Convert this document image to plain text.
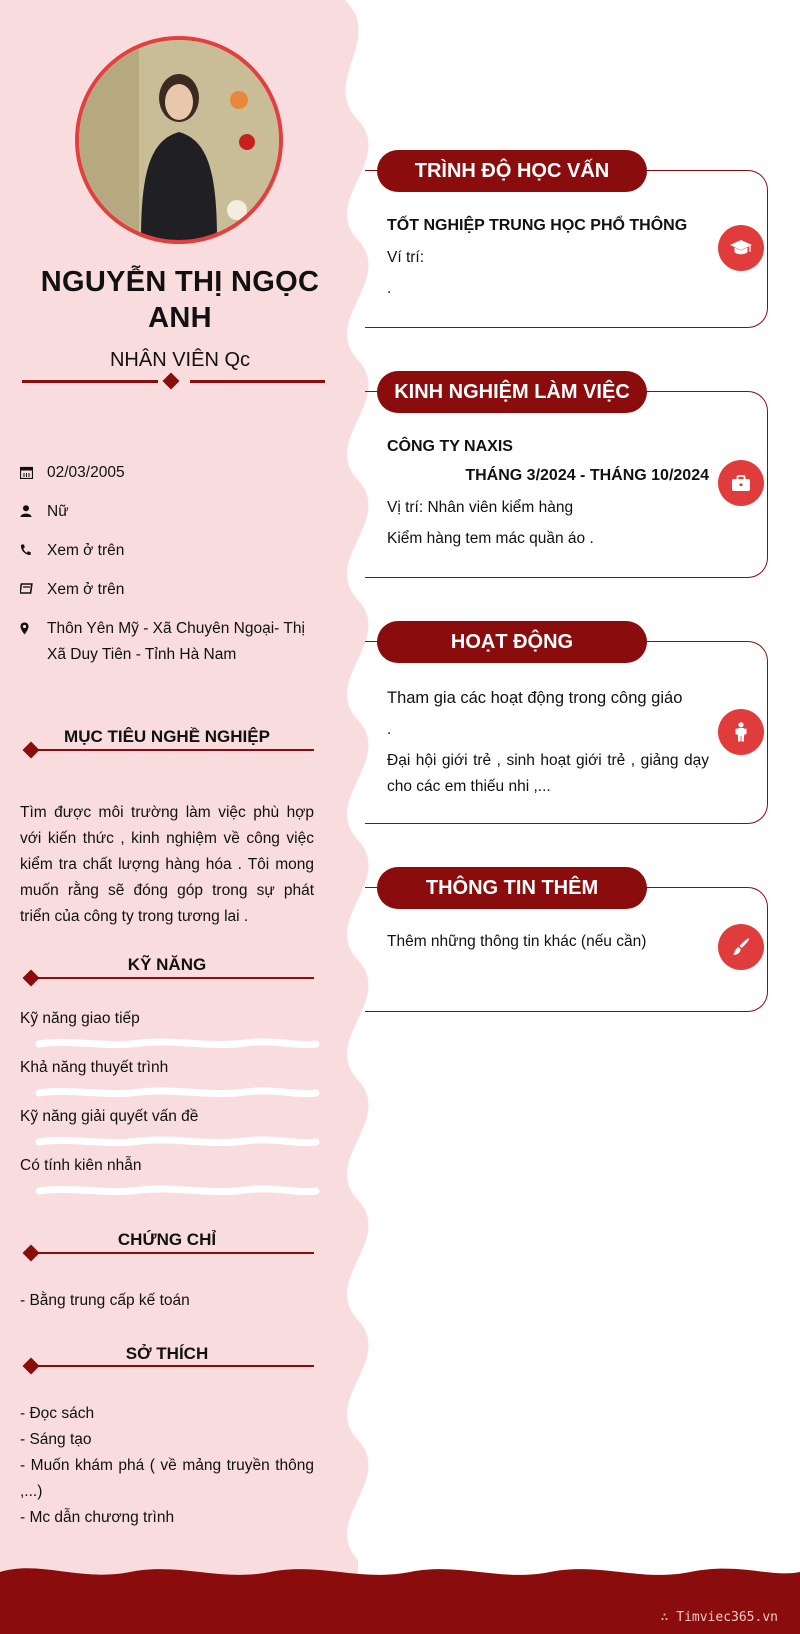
NGUYỄN THỊ NGỌC ANH
NHÂN VIÊN Qc
02/03/2005
Nữ
Xem ở trên
Xem ở trên
Thôn Yên Mỹ - Xã Chuyên Ngoại- Thị Xã Duy Tiên - Tỉnh Hà Nam
MỤC TIÊU NGHỀ NGHIỆP
Tìm được môi trường làm việc phù hợp với kiến thức , kinh nghiệm về công việc kiểm tra chất lượng hàng hóa . Tôi mong muốn rằng sẽ đóng góp trong sự phát triển của công ty trong tương lai .
KỸ NĂNG
Kỹ năng giao tiếp
Khả năng thuyết trình
Kỹ năng giải quyết vấn đề
Có tính kiên nhẫn
CHỨNG CHỈ
- Bằng trung cấp kế toán
SỞ THÍCH
- Đọc sách
- Sáng tạo
- Muốn khám phá ( về mảng truyền thông ,...)
- Mc dẫn chương trình
TRÌNH ĐỘ HỌC VẤN
TỐT NGHIỆP TRUNG HỌC PHỔ THÔNG
Ví trí:
.
KINH NGHIỆM LÀM VIỆC
CÔNG TY NAXIS
THÁNG 3/2024 - THÁNG 10/2024
Vị trí: Nhân viên kiểm hàng
Kiểm hàng tem mác quần áo .
HOẠT ĐỘNG
Tham gia các hoạt động trong công giáo
.
Đại hội giới trẻ , sinh hoạt giới trẻ , giảng dạy cho các em thiếu nhi ,...
THÔNG TIN THÊM
Thêm những thông tin khác (nếu cần)
∴ Timviec365.vn
